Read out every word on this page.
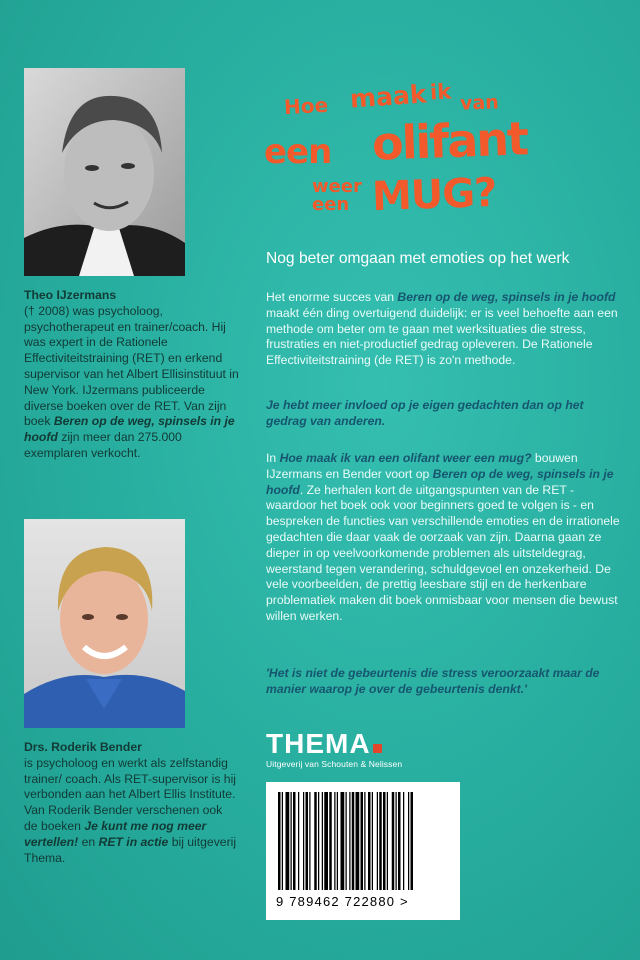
Theo IJzermans
(† 2008) was psycholoog, psychotherapeut en trainer/coach. Hij was expert in de Rationele Effectiviteitstraining (RET) en erkend supervisor van het Albert Ellisinstituut in New York. IJzermans publiceerde diverse boeken over de RET. Van zijn boek Beren op de weg, spinsels in je hoofd zijn meer dan 275.000 exemplaren verkocht.
Drs. Roderik Bender
is psycholoog en werkt als zelfstandig trainer/ coach. Als RET-supervisor is hij verbonden aan het Albert Ellis Institute. Van Roderik Bender verschenen ook de boeken Je kunt me nog meer vertellen! en RET in actie bij uitgeverij Thema.
Hoe maak ik van
een olifant
weer
een MUG?
Nog beter omgaan met emoties op het werk
Het enorme succes van Beren op de weg, spinsels in je hoofd maakt één ding overtuigend duidelijk: er is veel behoefte aan een methode om beter om te gaan met werksituaties die stress, frustraties en niet-productief gedrag opleveren. De Rationele Effectiviteitstraining (de RET) is zo'n methode.
Je hebt meer invloed op je eigen gedachten dan op het gedrag van anderen.
In Hoe maak ik van een olifant weer een mug? bouwen IJzermans en Bender voort op Beren op de weg, spinsels in je hoofd. Ze herhalen kort de uitgangspunten van de RET - waardoor het boek ook voor beginners goed te volgen is - en bespreken de functies van verschillende emoties en de irrationele gedachten die daar vaak de oorzaak van zijn. Daarna gaan ze dieper in op veelvoorkomende problemen als uitsteldegrag, weerstand tegen verandering, schuldgevoel en onzekerheid. De vele voorbeelden, de prettig leesbare stijl en de herkenbare problematiek maken dit boek onmisbaar voor mensen die bewust willen werken.
'Het is niet de gebeurtenis die stress veroorzaakt maar de manier waarop je over de gebeurtenis denkt.'
THEMA
Uitgeverij van Schouten & Nelissen
9 789462 722880 >
